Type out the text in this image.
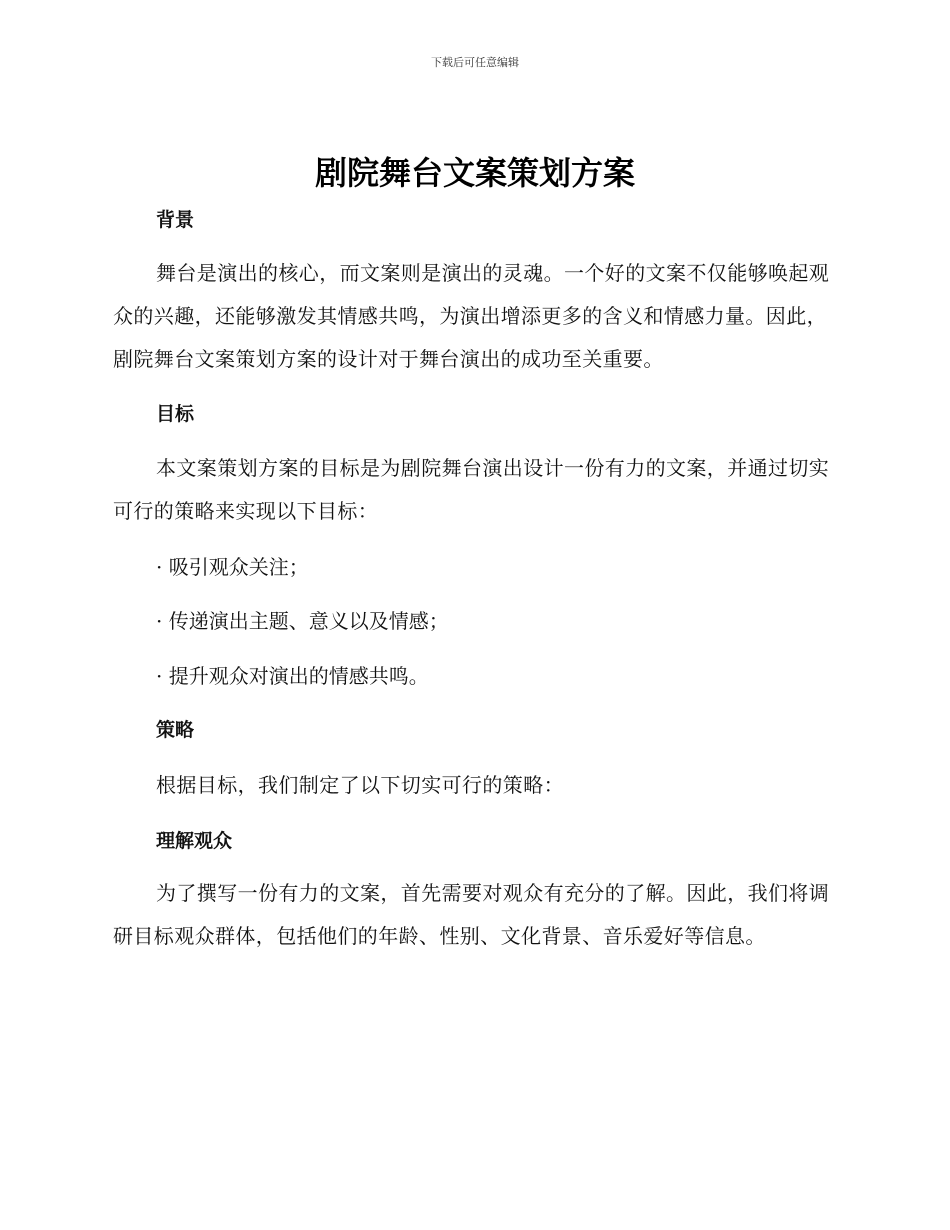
下载后可任意编辑
剧院舞台文案策划方案
背景

舞台是演出的核心，而文案则是演出的灵魂。一个好的文案不仅能够唤起观众的兴趣，还能够激发其情感共鸣，为演出增添更多的含义和情感力量。因此，剧院舞台文案策划方案的设计对于舞台演出的成功至关重要。

目标

本文案策划方案的目标是为剧院舞台演出设计一份有力的文案，并通过切实可行的策略来实现以下目标：

· 吸引观众关注；

· 传递演出主题、意义以及情感；

· 提升观众对演出的情感共鸣。

策略

根据目标，我们制定了以下切实可行的策略：

理解观众

为了撰写一份有力的文案，首先需要对观众有充分的了解。因此，我们将调研目标观众群体，包括他们的年龄、性别、文化背景、音乐爱好等信息。
